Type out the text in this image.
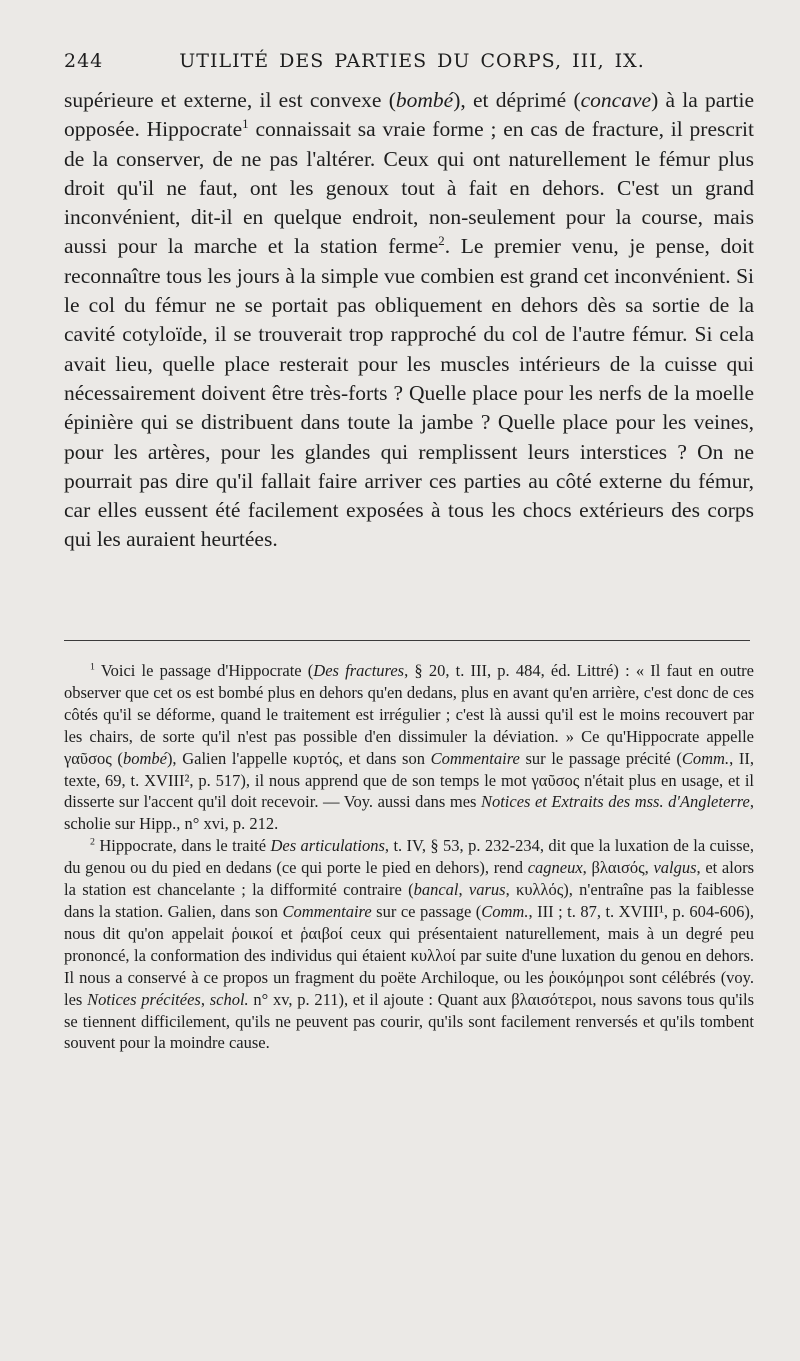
244	UTILITÉ DES PARTIES DU CORPS, III, IX.
supérieure et externe, il est convexe (bombé), et déprimé (concave) à la partie opposée. Hippocrate$^1$ connaissait sa vraie forme ; en cas de fracture, il prescrit de la conserver, de ne pas l'altérer. Ceux qui ont naturellement le fémur plus droit qu'il ne faut, ont les genoux tout à fait en dehors. C'est un grand inconvénient, dit-il en quelque endroit, non-seulement pour la course, mais aussi pour la marche et la station ferme$^2$. Le premier venu, je pense, doit reconnaître tous les jours à la simple vue combien est grand cet inconvénient. Si le col du fémur ne se portait pas obliquement en dehors dès sa sortie de la cavité cotyloïde, il se trouverait trop rapproché du col de l'autre fémur. Si cela avait lieu, quelle place resterait pour les muscles intérieurs de la cuisse qui nécessairement doivent être très-forts ? Quelle place pour les nerfs de la moelle épinière qui se distribuent dans toute la jambe ? Quelle place pour les veines, pour les artères, pour les glandes qui remplissent leurs interstices ? On ne pourrait pas dire qu'il fallait faire arriver ces parties au côté externe du fémur, car elles eussent été facilement exposées à tous les chocs extérieurs des corps qui les auraient heurtées.

$^1$ Voici le passage d'Hippocrate (Des fractures, § 20, t. III, p. 484, éd. Littré) : « Il faut en outre observer que cet os est bombé plus en dehors qu'en dedans, plus en avant qu'en arrière, c'est donc de ces côtés qu'il se déforme, quand le traitement est irrégulier ; c'est là aussi qu'il est le moins recouvert par les chairs, de sorte qu'il n'est pas possible d'en dissimuler la déviation. » Ce qu'Hippocrate appelle γαῦσος (bombé), Galien l'appelle κυρτός, et dans son Commentaire sur le passage précité (Comm., II, texte, 69, t. XVIII², p. 517), il nous apprend que de son temps le mot γαῦσος n'était plus en usage, et il disserte sur l'accent qu'il doit recevoir. — Voy. aussi dans mes Notices et Extraits des mss. d'Angleterre, scholie sur Hipp., n° xvi, p. 212.

$^2$ Hippocrate, dans le traité Des articulations, t. IV, § 53, p. 232-234, dit que la luxation de la cuisse, du genou ou du pied en dedans (ce qui porte le pied en dehors), rend cagneux, βλαισός, valgus, et alors la station est chancelante ; la difformité contraire (bancal, varus, κυλλός), n'entraîne pas la faiblesse dans la station. Galien, dans son Commentaire sur ce passage (Comm., III ; t. 87, t. XVIII¹, p. 604-606), nous dit qu'on appelait ῥοικοί et ῥαιβοί ceux qui présentaient naturellement, mais à un degré peu prononcé, la conformation des individus qui étaient κυλλοί par suite d'une luxation du genou en dehors. Il nous a conservé à ce propos un fragment du poëte Archiloque, ou les ῥοικόμηροι sont célébrés (voy. les Notices précitées, schol. n° xv, p. 211), et il ajoute : Quant aux βλαισότεροι, nous savons tous qu'ils se tiennent difficilement, qu'ils ne peuvent pas courir, qu'ils sont facilement renversés et qu'ils tombent souvent pour la moindre cause.
